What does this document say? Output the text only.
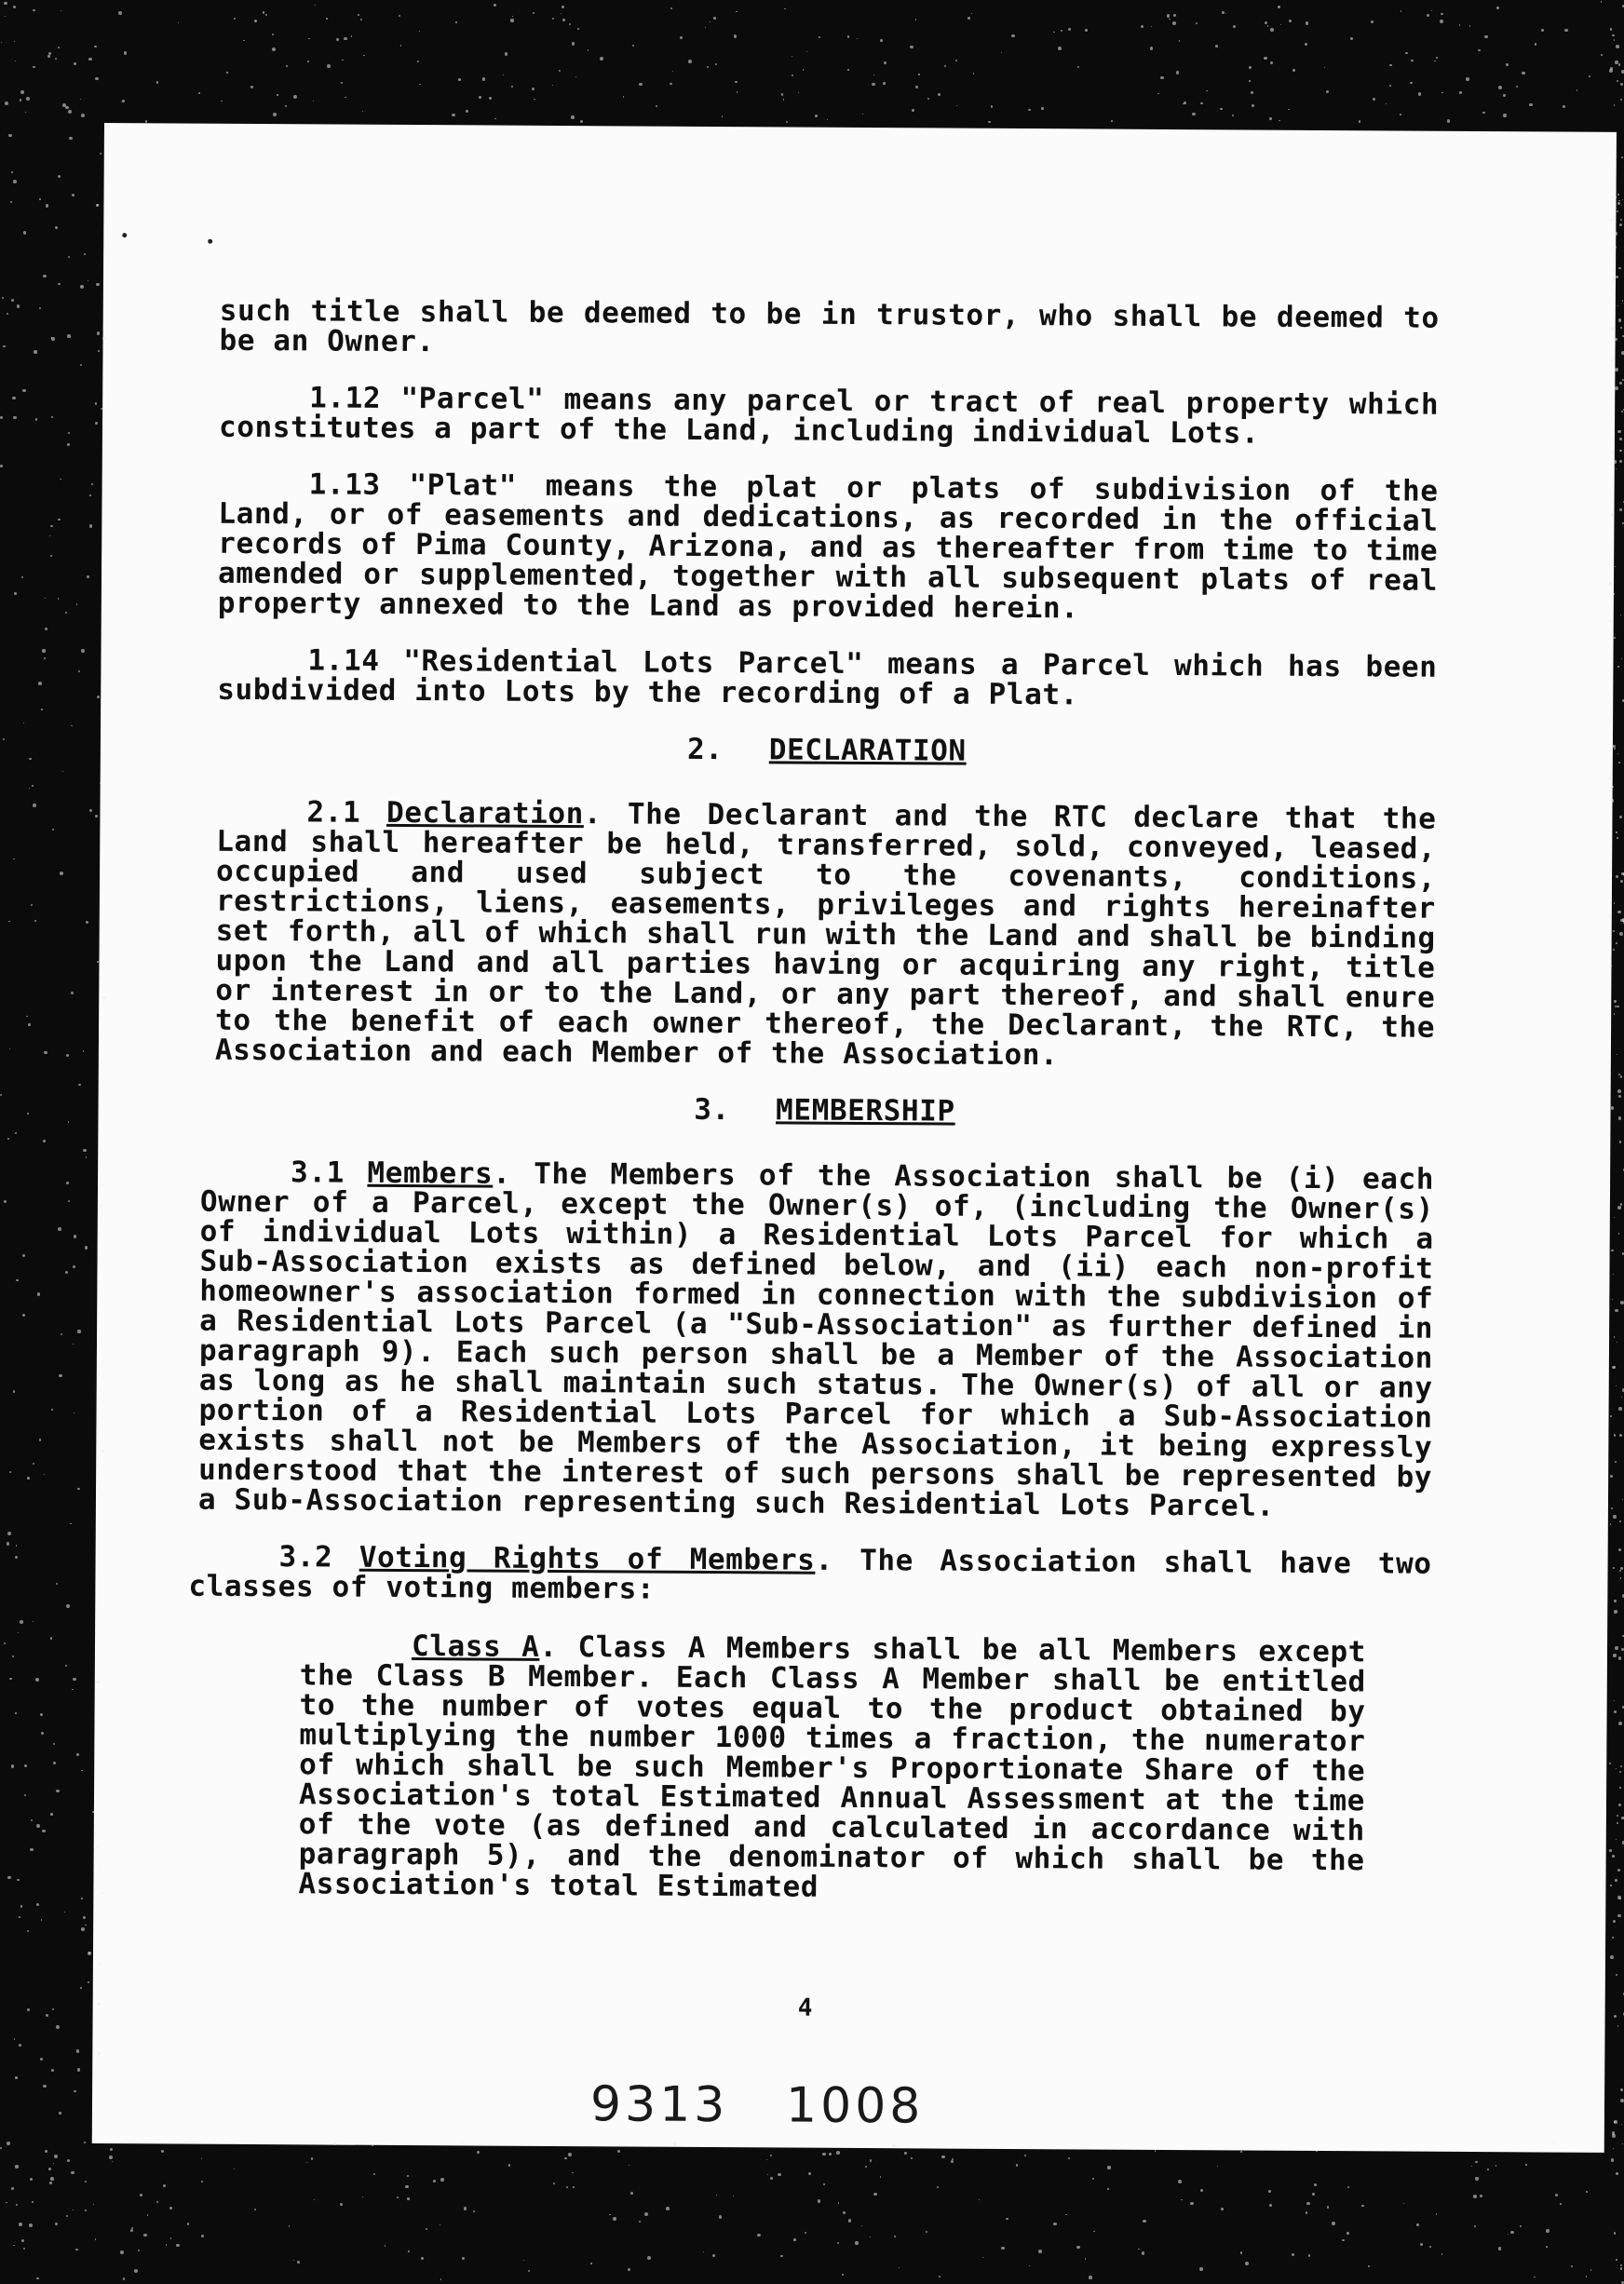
such title shall be deemed to be in trustor, who shall be deemed to be an Owner.

1.12 "Parcel" means any parcel or tract of real property which constitutes a part of the Land, including individual Lots.

1.13 "Plat" means the plat or plats of subdivision of the Land, or of easements and dedications, as recorded in the official records of Pima County, Arizona, and as thereafter from time to time amended or supplemented, together with all subsequent plats of real property annexed to the Land as provided herein.

1.14 "Residential Lots Parcel" means a Parcel which has been subdivided into Lots by the recording of a Plat.

2. DECLARATION

2.1 Declaration. The Declarant and the RTC declare that the Land shall hereafter be held, transferred, sold, conveyed, leased, occupied and used subject to the covenants, conditions, restrictions, liens, easements, privileges and rights hereinafter set forth, all of which shall run with the Land and shall be binding upon the Land and all parties having or acquiring any right, title or interest in or to the Land, or any part thereof, and shall enure to the benefit of each owner thereof, the Declarant, the RTC, the Association and each Member of the Association.

3. MEMBERSHIP

3.1 Members. The Members of the Association shall be (i) each Owner of a Parcel, except the Owner(s) of, (including the Owner(s) of individual Lots within) a Residential Lots Parcel for which a Sub-Association exists as defined below, and (ii) each non-profit homeowner's association formed in connection with the subdivision of a Residential Lots Parcel (a "Sub-Association" as further defined in paragraph 9). Each such person shall be a Member of the Association as long as he shall maintain such status. The Owner(s) of all or any portion of a Residential Lots Parcel for which a Sub-Association exists shall not be Members of the Association, it being expressly understood that the interest of such persons shall be represented by a Sub-Association representing such Residential Lots Parcel.

3.2 Voting Rights of Members. The Association shall have two classes of voting members:

Class A. Class A Members shall be all Members except the Class B Member. Each Class A Member shall be entitled to the number of votes equal to the product obtained by multiplying the number 1000 times a fraction, the numerator of which shall be such Member's Proportionate Share of the Association's total Estimated Annual Assessment at the time of the vote (as defined and calculated in accordance with paragraph 5), and the denominator of which shall be the Association's total Estimated

4
9313 1008
